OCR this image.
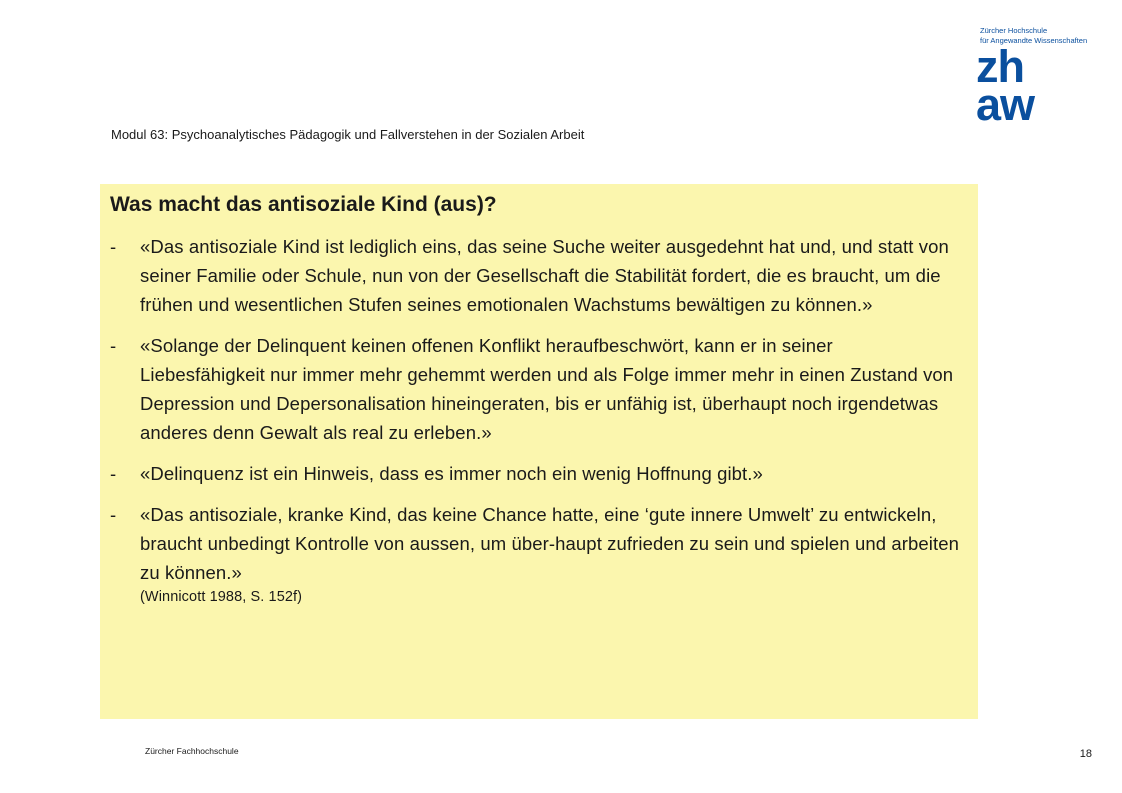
Zürcher Hochschule
für Angewandte Wissenschaften
zh
aw
Modul 63: Psychoanalytisches Pädagogik und Fallverstehen in der Sozialen Arbeit
Was macht das antisoziale Kind (aus)?
-	«Das antisoziale Kind ist lediglich eins, das seine Suche weiter ausgedehnt hat und, und statt von seiner Familie oder Schule, nun von der Gesellschaft die Stabilität fordert, die es braucht, um die frühen und wesentlichen Stufen seines emotionalen Wachstums bewältigen zu können.»
-	«Solange der Delinquent keinen offenen Konflikt heraufbeschwört, kann er in seiner Liebesfähigkeit nur immer mehr gehemmt werden und als Folge immer mehr in einen Zustand von Depression und Depersonalisation hineingeraten, bis er unfähig ist, überhaupt noch irgendetwas anderes denn Gewalt als real zu erleben.»
-	«Delinquenz ist ein Hinweis, dass es immer noch ein wenig Hoffnung gibt.»
-	«Das antisoziale, kranke Kind, das keine Chance hatte, eine ‘gute innere Umwelt’ zu entwickeln, braucht unbedingt Kontrolle von aussen, um über-haupt zufrieden zu sein und spielen und arbeiten zu können.»
(Winnicott 1988, S. 152f)
Zürcher Fachhochschule	18
